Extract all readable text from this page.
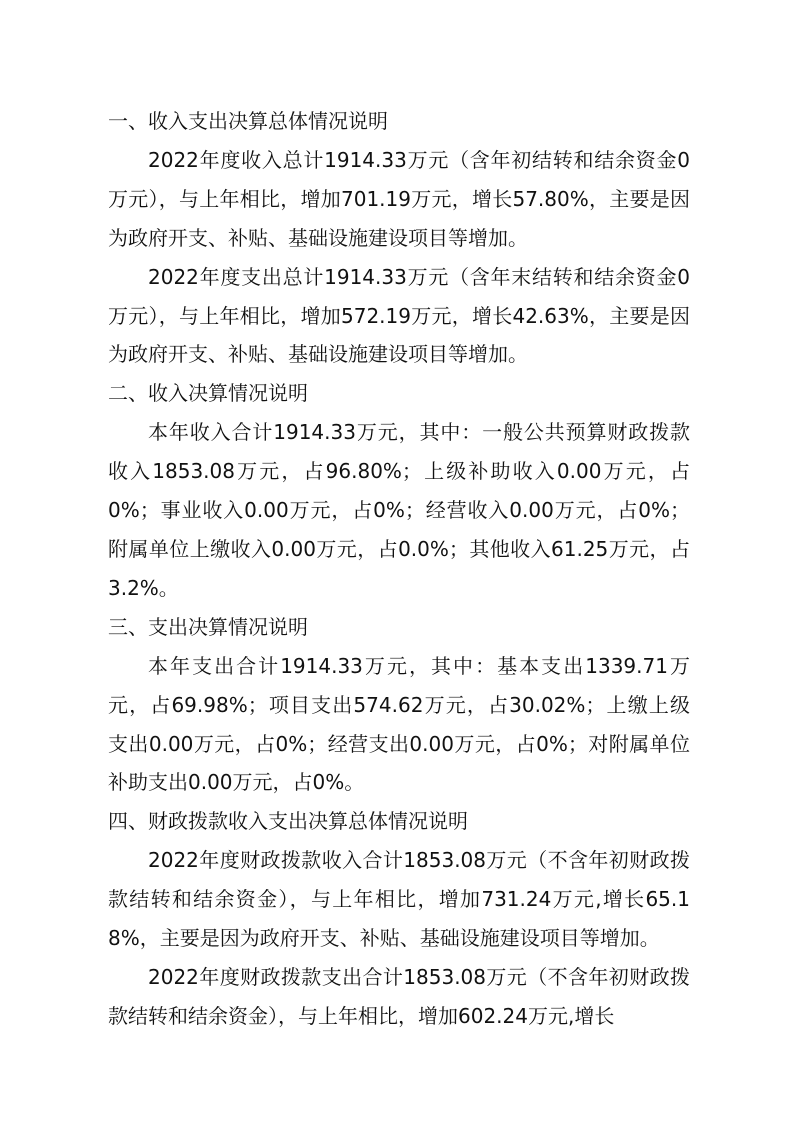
一、收入支出决算总体情况说明

2022年度收入总计1914.33万元（含年初结转和结余资金0万元），与上年相比，增加701.19万元，增长57.80%，主要是因为政府开支、补贴、基础设施建设项目等增加。

2022年度支出总计1914.33万元（含年末结转和结余资金0万元），与上年相比，增加572.19万元，增长42.63%，主要是因为政府开支、补贴、基础设施建设项目等增加。

二、收入决算情况说明

本年收入合计1914.33万元，其中：一般公共预算财政拨款收入1853.08万元，占96.80%；上级补助收入0.00万元，占0%；事业收入0.00万元，占0%；经营收入0.00万元，占0%；附属单位上缴收入0.00万元，占0.0%；其他收入61.25万元，占3.2%。

三、支出决算情况说明

本年支出合计1914.33万元，其中：基本支出1339.71万元，占69.98%；项目支出574.62万元，占30.02%；上缴上级支出0.00万元，占0%；经营支出0.00万元，占0%；对附属单位补助支出0.00万元，占0%。

四、财政拨款收入支出决算总体情况说明

2022年度财政拨款收入合计1853.08万元（不含年初财政拨款结转和结余资金），与上年相比，增加731.24万元,增长65.18%，主要是因为政府开支、补贴、基础设施建设项目等增加。

2022年度财政拨款支出合计1853.08万元（不含年初财政拨款结转和结余资金），与上年相比，增加602.24万元,增长
